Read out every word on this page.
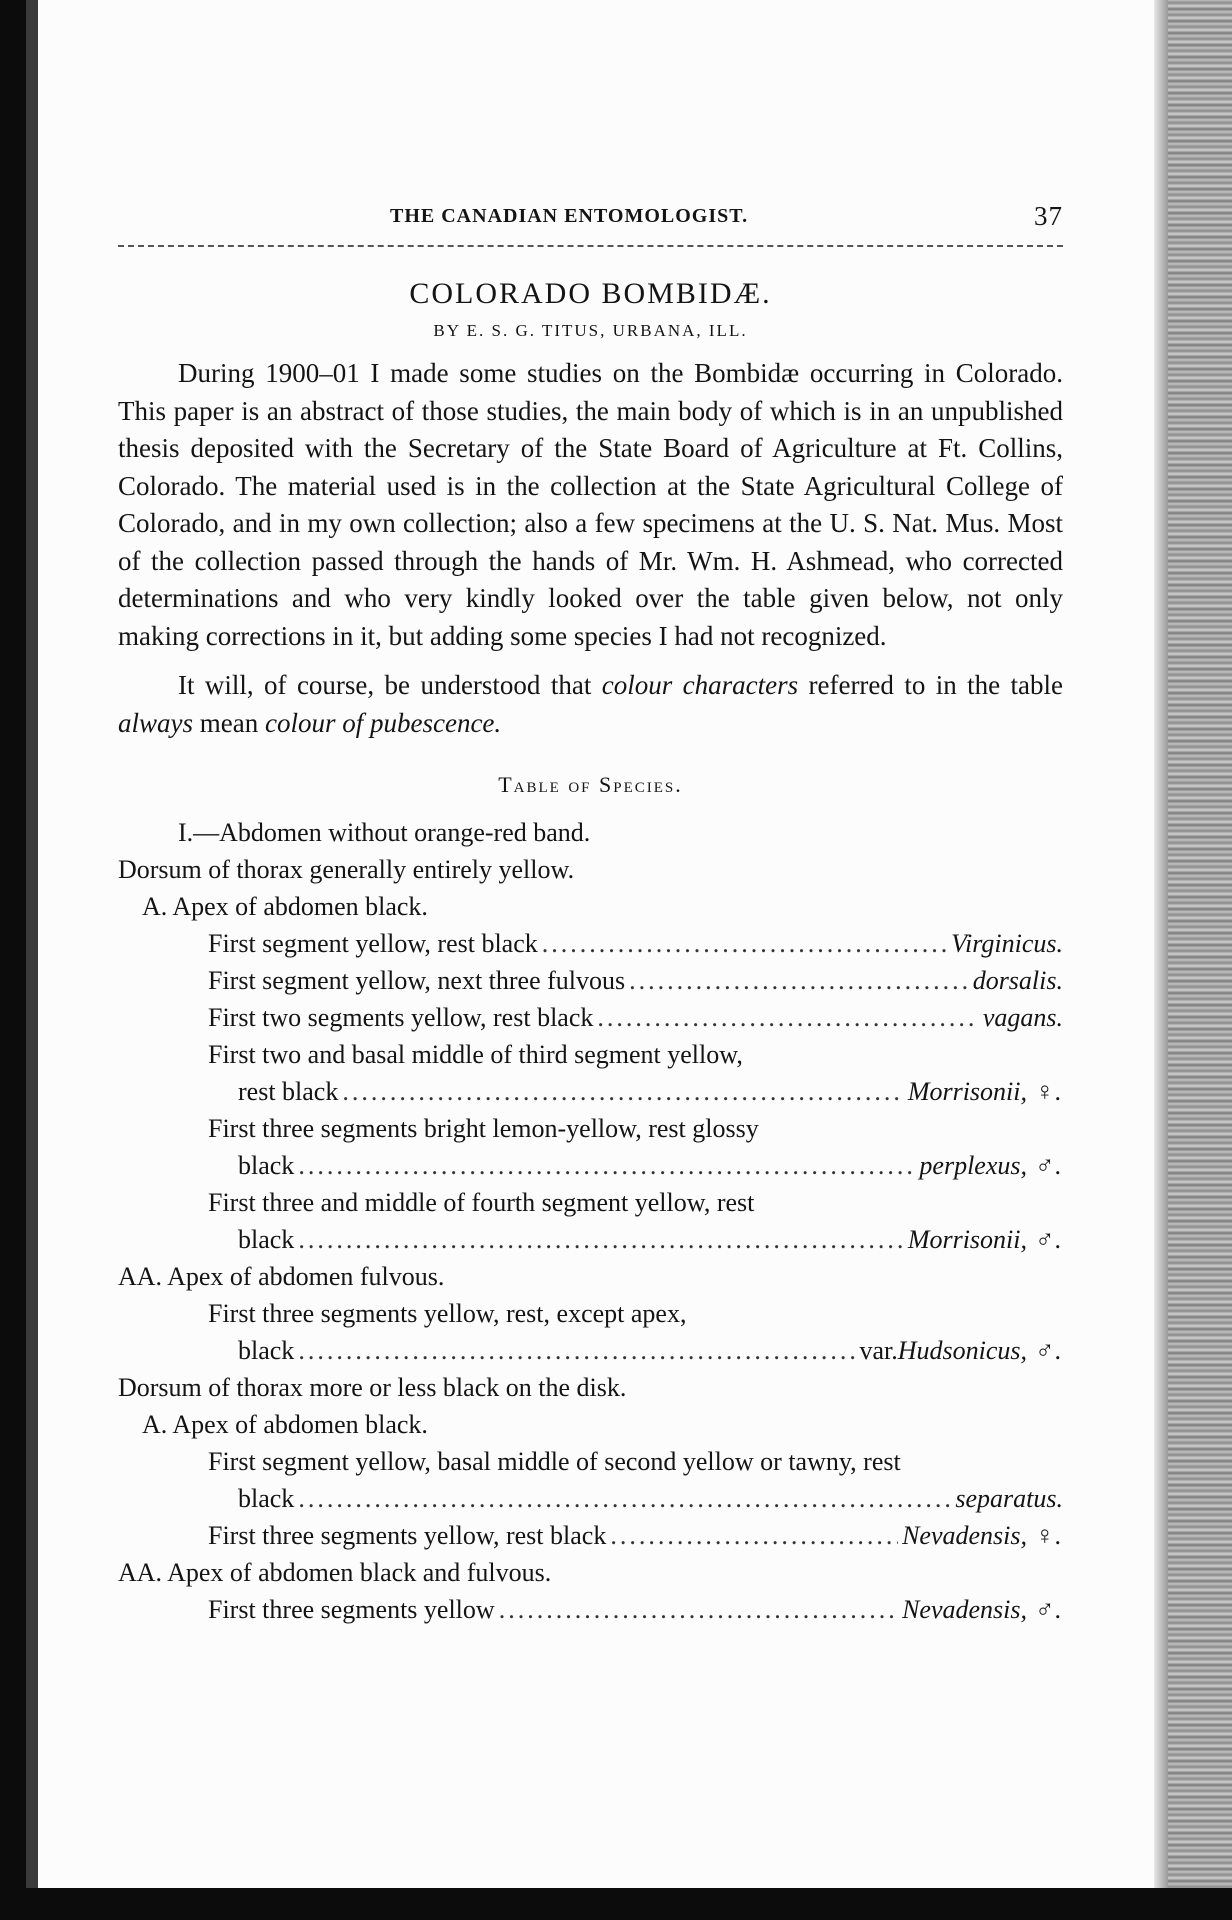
THE CANADIAN ENTOMOLOGIST.	37
COLORADO BOMBIDÆ.
BY E. S. G. TITUS, URBANA, ILL.

During 1900–01 I made some studies on the Bombidæ occurring in Colorado. This paper is an abstract of those studies, the main body of which is in an unpublished thesis deposited with the Secretary of the State Board of Agriculture at Ft. Collins, Colorado. The material used is in the collection at the State Agricultural College of Colorado, and in my own collection; also a few specimens at the U. S. Nat. Mus. Most of the collection passed through the hands of Mr. Wm. H. Ashmead, who corrected determinations and who very kindly looked over the table given below, not only making corrections in it, but adding some species I had not recognized.

It will, of course, be understood that colour characters referred to in the table always mean colour of pubescence.

Table of Species.
I.—Abdomen without orange-red band.
Dorsum of thorax generally entirely yellow.
A. Apex of abdomen black.
First segment yellow, rest black .....	Virginicus.
First segment yellow, next three fulvous .....	dorsalis.
First two segments yellow, rest black .....	vagans.
First two and basal middle of third segment yellow,
rest black .....	Morrisonii, ♀.
First three segments bright lemon-yellow, rest glossy
black .....	perplexus, ♂.
First three and middle of fourth segment yellow, rest
black .....	Morrisonii, ♂.
AA. Apex of abdomen fulvous.
First three segments yellow, rest, except apex,
black .....	var. Hudsonicus, ♂.
Dorsum of thorax more or less black on the disk.
A. Apex of abdomen black.
First segment yellow, basal middle of second yellow or tawny, rest
black .....	separatus.
First three segments yellow, rest black .....	Nevadensis, ♀.
AA. Apex of abdomen black and fulvous.
First three segments yellow .....	Nevadensis, ♂.
